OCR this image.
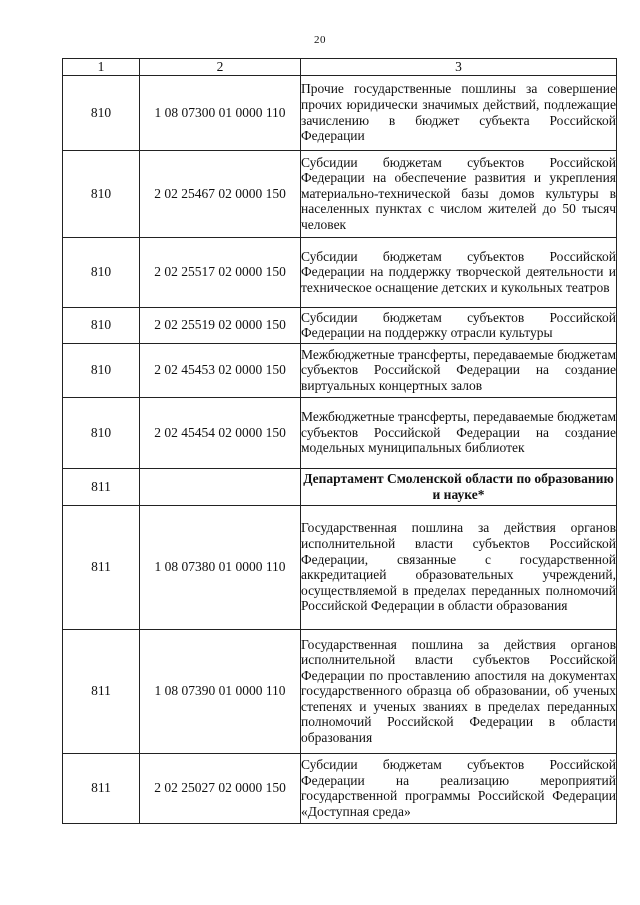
20
1	2	3
810	1 08 07300 01 0000 110	Прочие государственные пошлины за совершение прочих юридически значимых действий, подлежащие зачислению в бюджет субъекта Российской Федерации
810	2 02 25467 02 0000 150	Субсидии бюджетам субъектов Российской Федерации на обеспечение развития и укрепления материально-технической базы домов культуры в населенных пунктах с числом жителей до 50 тысяч человек
810	2 02 25517 02 0000 150	Субсидии бюджетам субъектов Российской Федерации на поддержку творческой деятельности и техническое оснащение детских и кукольных театров
810	2 02 25519 02 0000 150	Субсидии бюджетам субъектов Российской Федерации на поддержку отрасли культуры
810	2 02 45453 02 0000 150	Межбюджетные трансферты, передаваемые бюджетам субъектов Российской Федерации на создание виртуальных концертных залов
810	2 02 45454 02 0000 150	Межбюджетные трансферты, передаваемые бюджетам субъектов Российской Федерации на создание модельных муниципальных библиотек
811		Департамент Смоленской области по образованию и науке*
811	1 08 07380 01 0000 110	Государственная пошлина за действия органов исполнительной власти субъектов Российской Федерации, связанные с государственной аккредитацией образовательных учреждений, осуществляемой в пределах переданных полномочий Российской Федерации в области образования
811	1 08 07390 01 0000 110	Государственная пошлина за действия органов исполнительной власти субъектов Российской Федерации по проставлению апостиля на документах государственного образца об образовании, об ученых степенях и ученых званиях в пределах переданных полномочий Российской Федерации в области образования
811	2 02 25027 02 0000 150	Субсидии бюджетам субъектов Российской Федерации на реализацию мероприятий государственной программы Российской Федерации «Доступная среда»
